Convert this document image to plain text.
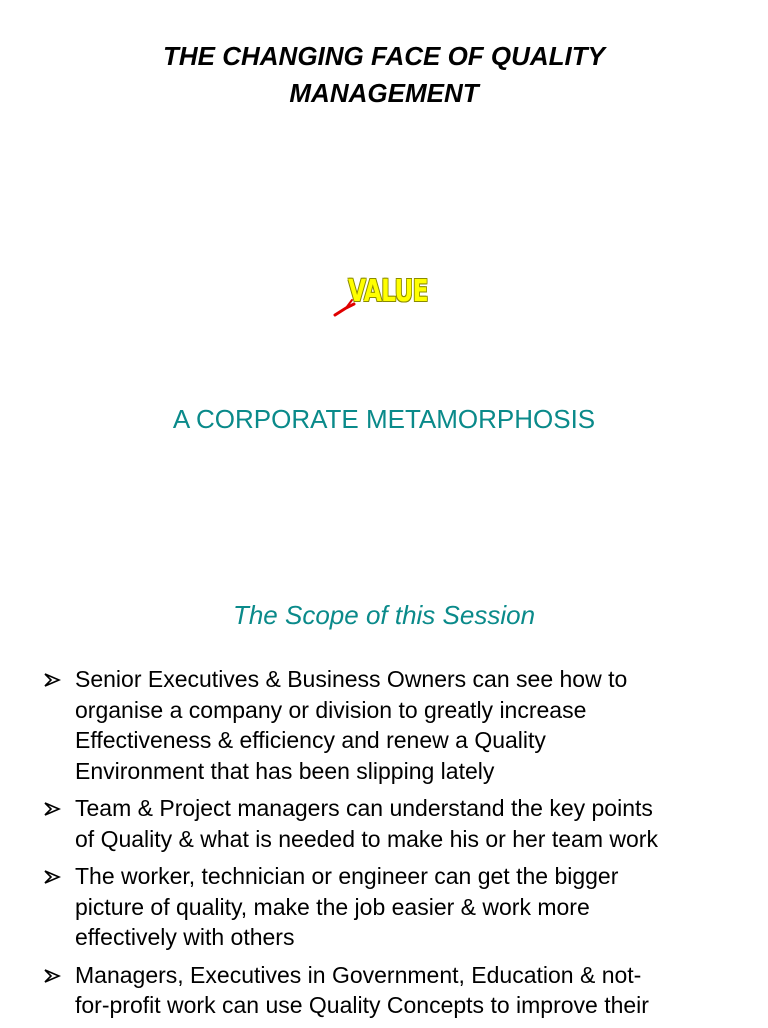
THE CHANGING FACE OF QUALITY
MANAGEMENT
VALUE
A CORPORATE METAMORPHOSIS
The Scope of this Session
Senior Executives & Business Owners can see how to
organise a company or division to greatly increase
Effectiveness & efficiency and renew a Quality
Environment that has been slipping lately
Team & Project managers can understand the key points
of Quality & what is needed to make his or her team work
The worker, technician or engineer can get the bigger
picture of quality, make the job easier & work more
effectively with others
Managers, Executives in Government, Education & not-
for-profit work can use Quality Concepts to improve their
